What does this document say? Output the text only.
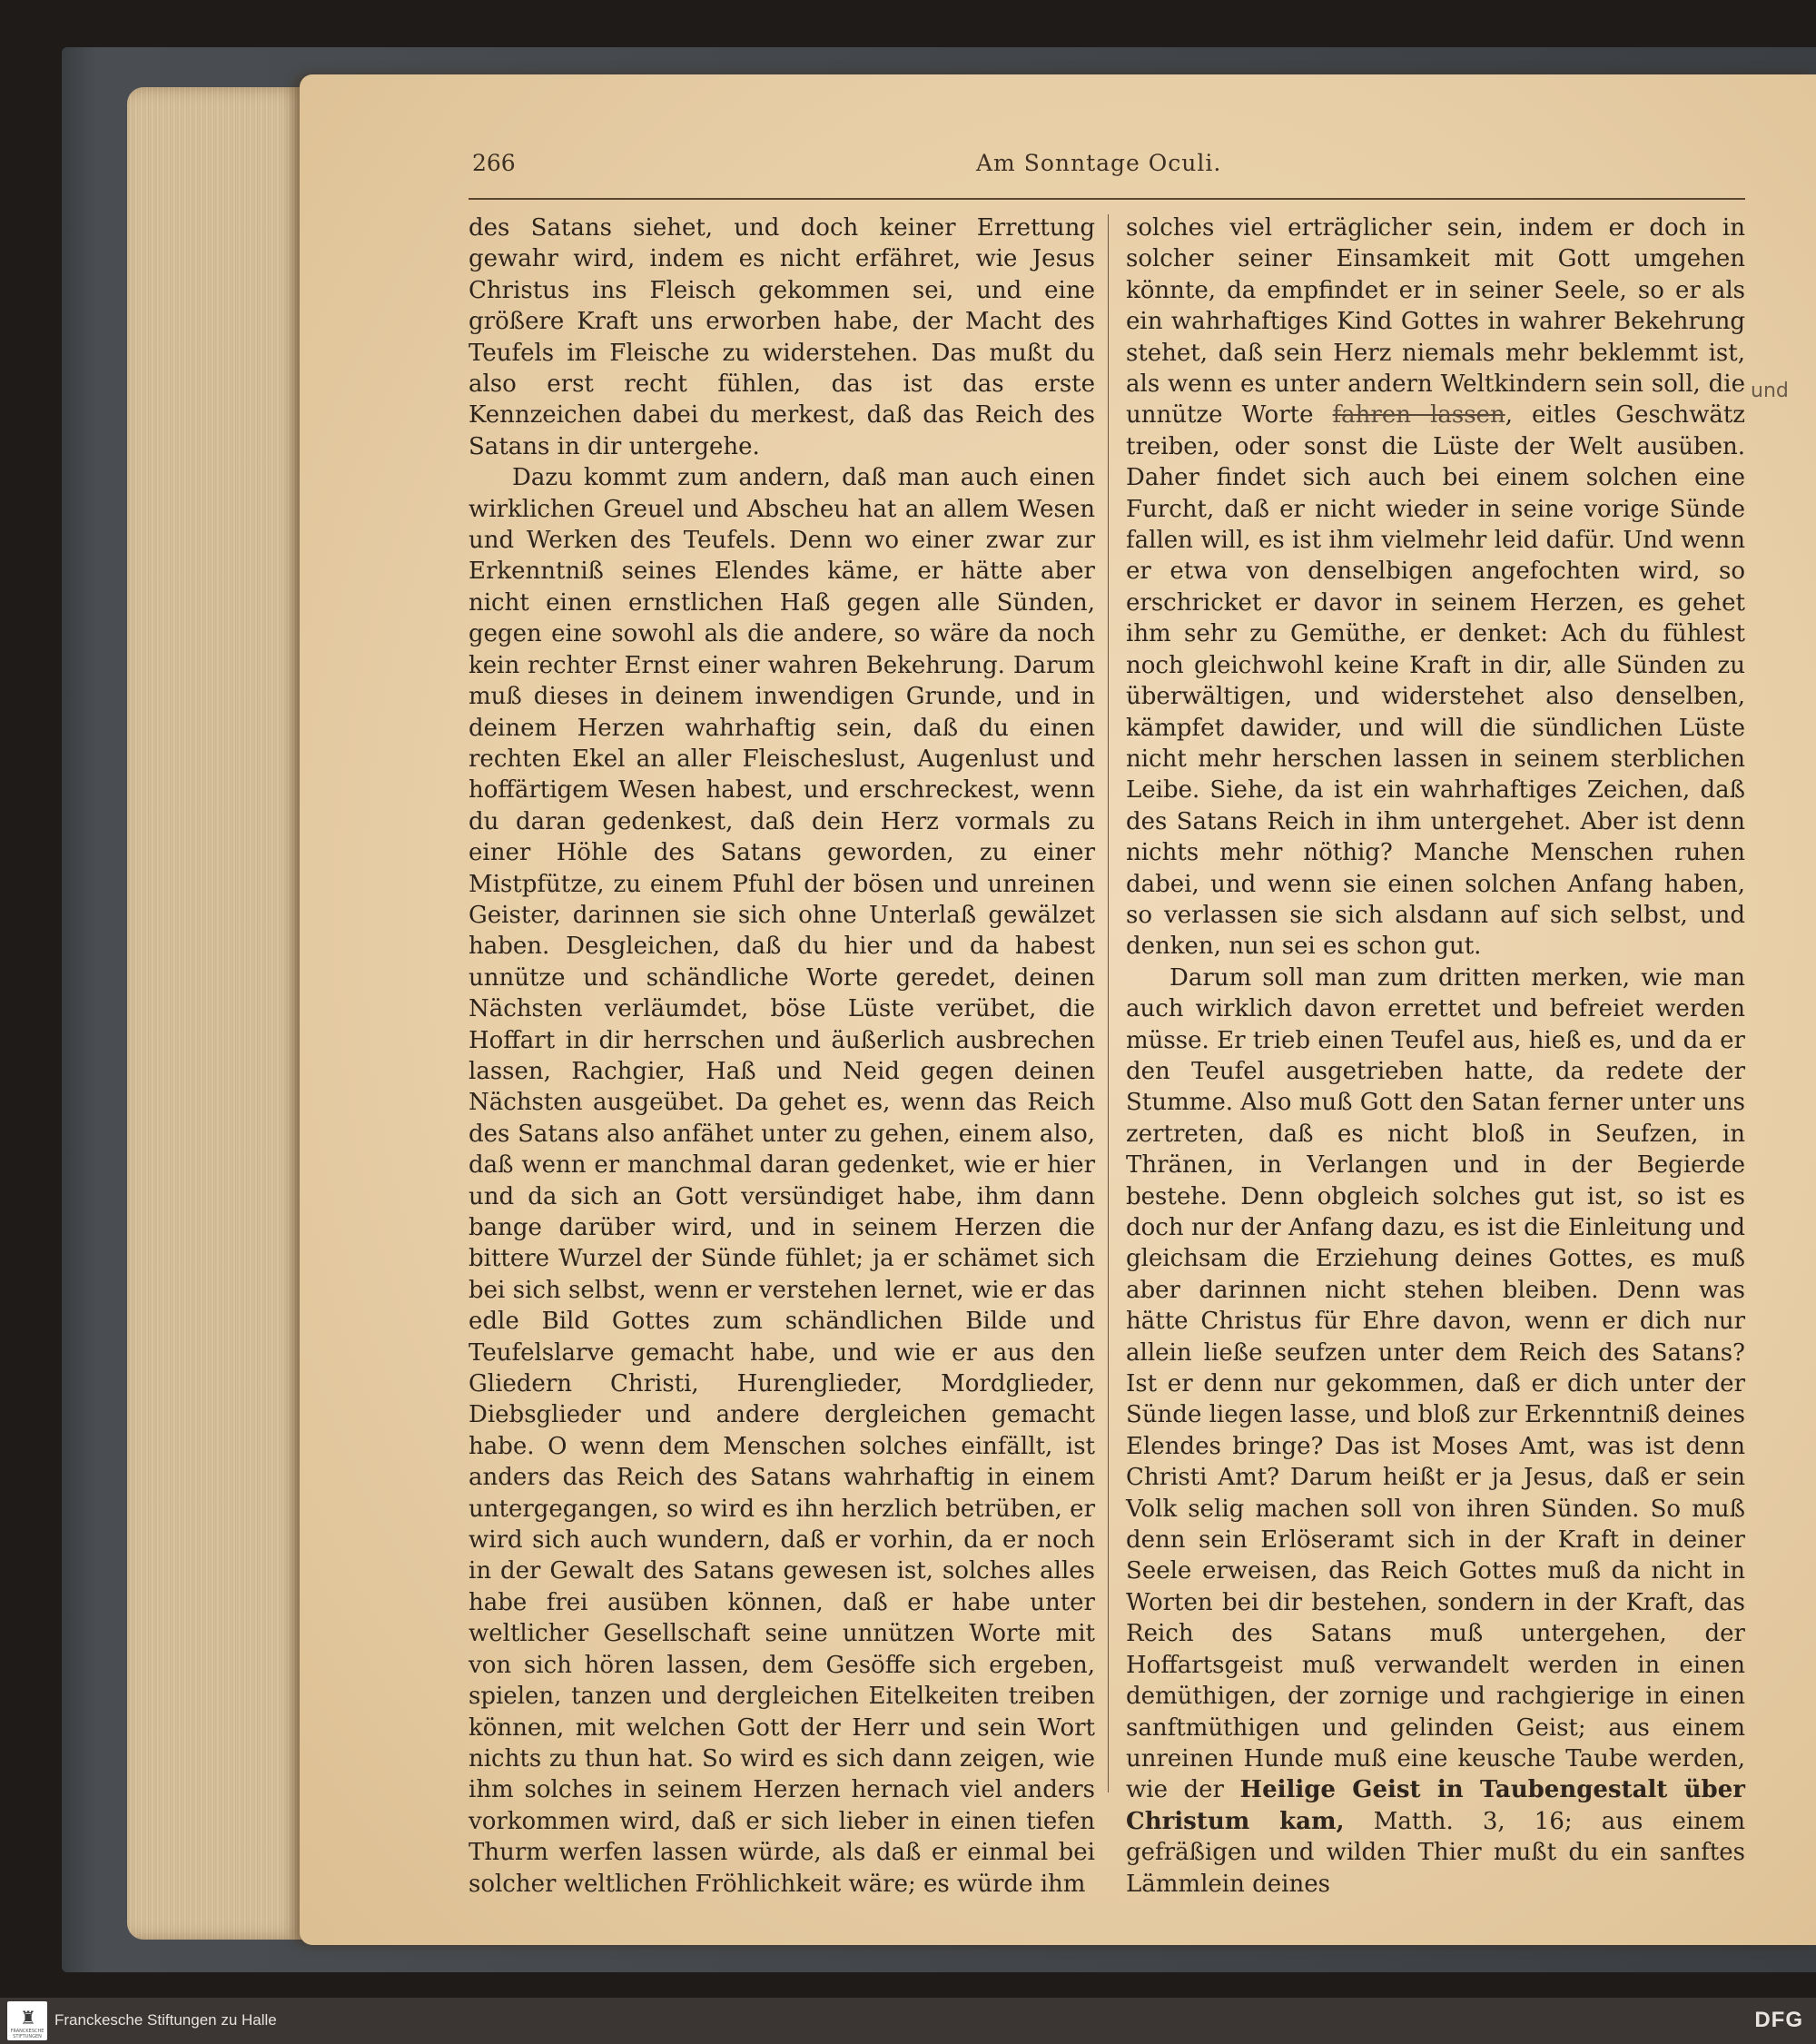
266	Am Sonntage Oculi.

des Satans siehet, und doch keiner Errettung gewahr wird, indem es nicht erfähret, wie Jesus Christus ins Fleisch gekommen sei, und eine größere Kraft uns erworben habe, der Macht des Teufels im Fleische zu widerstehen. Das mußt du also erst recht fühlen, das ist das erste Kennzeichen dabei du merkest, daß das Reich des Satans in dir untergehe.

Dazu kommt zum andern, daß man auch einen wirklichen Greuel und Abscheu hat an allem Wesen und Werken des Teufels. Denn wo einer zwar zur Erkenntniß seines Elendes käme, er hätte aber nicht einen ernstlichen Haß gegen alle Sünden, gegen eine sowohl als die andere, so wäre da noch kein rechter Ernst einer wahren Bekehrung. Darum muß dieses in deinem inwendigen Grunde, und in deinem Herzen wahrhaftig sein, daß du einen rechten Ekel an aller Fleischeslust, Augenlust und hoffärtigem Wesen habest, und erschreckest, wenn du daran gedenkest, daß dein Herz vormals zu einer Höhle des Satans geworden, zu einer Mistpfütze, zu einem Pfuhl der bösen und unreinen Geister, darinnen sie sich ohne Unterlaß gewälzet haben. Desgleichen, daß du hier und da habest unnütze und schändliche Worte geredet, deinen Nächsten verläumdet, böse Lüste verübet, die Hoffart in dir herrschen und äußerlich ausbrechen lassen, Rachgier, Haß und Neid gegen deinen Nächsten ausgeübet. Da gehet es, wenn das Reich des Satans also anfähet unter zu gehen, einem also, daß wenn er manchmal daran gedenket, wie er hier und da sich an Gott versündiget habe, ihm dann bange darüber wird, und in seinem Herzen die bittere Wurzel der Sünde fühlet; ja er schämet sich bei sich selbst, wenn er verstehen lernet, wie er das edle Bild Gottes zum schändlichen Bilde und Teufelslarve gemacht habe, und wie er aus den Gliedern Christi, Hurenglieder, Mordglieder, Diebsglieder und andere dergleichen gemacht habe. O wenn dem Menschen solches einfällt, ist anders das Reich des Satans wahrhaftig in einem untergegangen, so wird es ihn herzlich betrüben, er wird sich auch wundern, daß er vorhin, da er noch in der Gewalt des Satans gewesen ist, solches alles habe frei ausüben können, daß er habe unter weltlicher Gesellschaft seine unnützen Worte mit von sich hören lassen, dem Gesöffe sich ergeben, spielen, tanzen und dergleichen Eitelkeiten treiben können, mit welchen Gott der Herr und sein Wort nichts zu thun hat. So wird es sich dann zeigen, wie ihm solches in seinem Herzen hernach viel anders vorkommen wird, daß er sich lieber in einen tiefen Thurm werfen lassen würde, als daß er einmal bei solcher weltlichen Fröhlichkeit wäre; es würde ihm

solches viel erträglicher sein, indem er doch in solcher seiner Einsamkeit mit Gott umgehen könnte, da empfindet er in seiner Seele, so er als ein wahrhaftiges Kind Gottes in wahrer Bekehrung stehet, daß sein Herz niemals mehr beklemmt ist, als wenn es unter andern Weltkindern sein soll, die unnütze Worte fahren lassen, eitles Geschwätz treiben, oder sonst die Lüste der Welt ausüben. Daher findet sich auch bei einem solchen eine Furcht, daß er nicht wieder in seine vorige Sünde fallen will, es ist ihm vielmehr leid dafür. Und wenn er etwa von denselbigen angefochten wird, so erschricket er davor in seinem Herzen, es gehet ihm sehr zu Gemüthe, er denket: Ach du fühlest noch gleichwohl keine Kraft in dir, alle Sünden zu überwältigen, und widerstehet also denselben, kämpfet dawider, und will die sündlichen Lüste nicht mehr herschen lassen in seinem sterblichen Leibe. Siehe, da ist ein wahrhaftiges Zeichen, daß des Satans Reich in ihm untergehet. Aber ist denn nichts mehr nöthig? Manche Menschen ruhen dabei, und wenn sie einen solchen Anfang haben, so verlassen sie sich alsdann auf sich selbst, und denken, nun sei es schon gut.

Darum soll man zum dritten merken, wie man auch wirklich davon errettet und befreiet werden müsse. Er trieb einen Teufel aus, hieß es, und da er den Teufel ausgetrieben hatte, da redete der Stumme. Also muß Gott den Satan ferner unter uns zertreten, daß es nicht bloß in Seufzen, in Thränen, in Verlangen und in der Begierde bestehe. Denn obgleich solches gut ist, so ist es doch nur der Anfang dazu, es ist die Einleitung und gleichsam die Erziehung deines Gottes, es muß aber darinnen nicht stehen bleiben. Denn was hätte Christus für Ehre davon, wenn er dich nur allein ließe seufzen unter dem Reich des Satans? Ist er denn nur gekommen, daß er dich unter der Sünde liegen lasse, und bloß zur Erkenntniß deines Elendes bringe? Das ist Moses Amt, was ist denn Christi Amt? Darum heißt er ja Jesus, daß er sein Volk selig machen soll von ihren Sünden. So muß denn sein Erlöseramt sich in der Kraft in deiner Seele erweisen, das Reich Gottes muß da nicht in Worten bei dir bestehen, sondern in der Kraft, das Reich des Satans muß untergehen, der Hoffartsgeist muß verwandelt werden in einen demüthigen, der zornige und rachgierige in einen sanftmüthigen und gelinden Geist; aus einem unreinen Hunde muß eine keusche Taube werden, wie der Heilige Geist in Taubengestalt über Christum kam, Matth. 3, 16; aus einem gefräßigen und wilden Thier mußt du ein sanftes Lämmlein deines

und
♜
FRANCKESCHE STIFTUNGEN
Franckesche Stiftungen zu Halle	DFG
